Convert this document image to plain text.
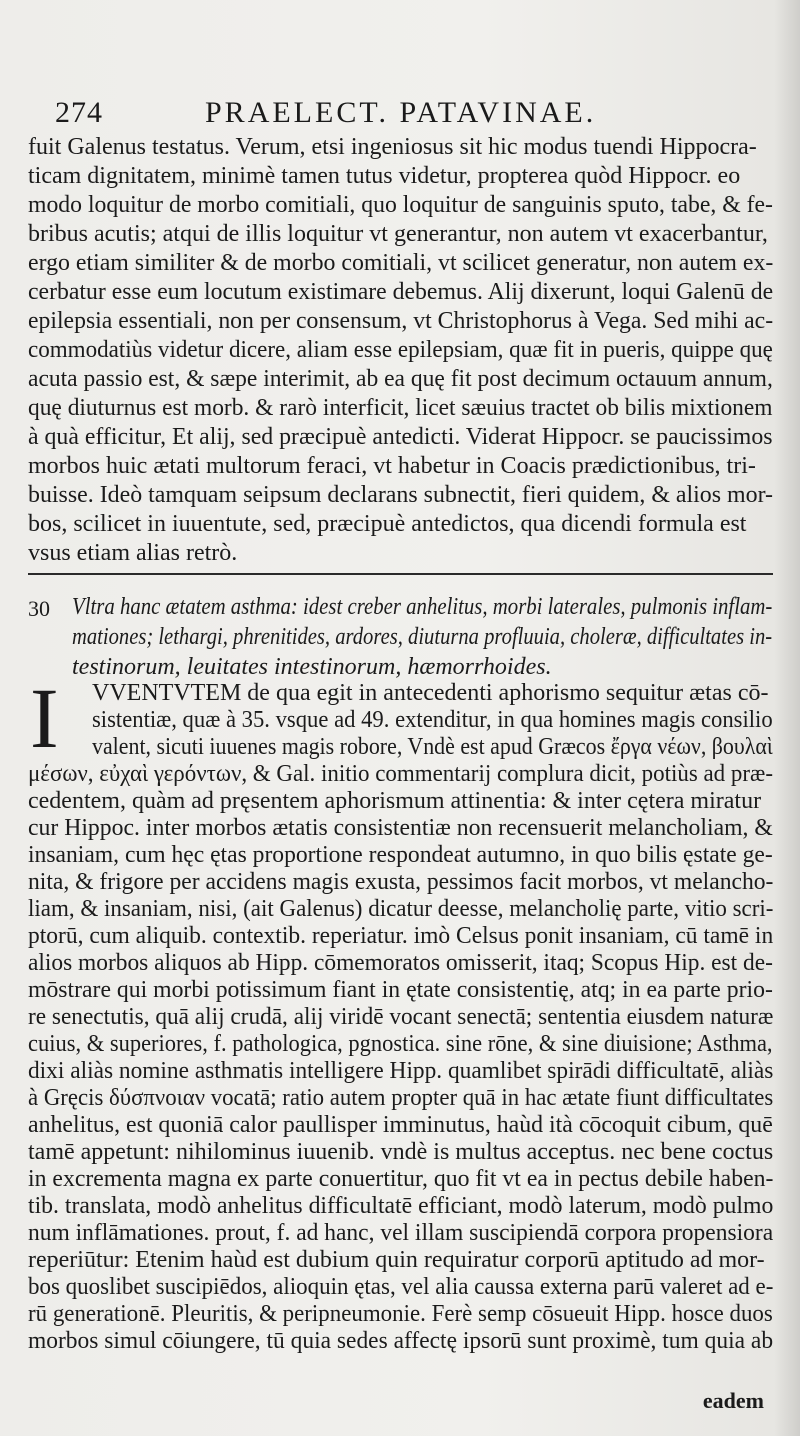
274	PRAELECT. PATAVINAE.
fuit Galenus testatus. Verum, etsi ingeniosus sit hic modus tuendi Hippocra-
ticam dignitatem, minimè tamen tutus videtur, propterea quòd Hippocr. eo
modo loquitur de morbo comitiali, quo loquitur de sanguinis sputo, tabe, & fe-
bribus acutis; atqui de illis loquitur vt generantur, non autem vt exacerbantur,
ergo etiam similiter & de morbo comitiali, vt scilicet generatur, non autem ex-
cerbatur esse eum locutum existimare debemus. Alij dixerunt, loqui Galenū de
epilepsia essentiali, non per consensum, vt Christophorus à Vega. Sed mihi ac-
commodatiùs videtur dicere, aliam esse epilepsiam, quæ fit in pueris, quippe quę
acuta passio est, & sæpe interimit, ab ea quę fit post decimum octauum annum,
quę diuturnus est morb. & rarò interficit, licet sæuius tractet ob bilis mixtionem
à quà efficitur, Et alij, sed præcipuè antedicti. Viderat Hippocr. se paucissimos
morbos huic ætati multorum feraci, vt habetur in Coacis prædictionibus, tri-
buisse. Ideò tamquam seipsum declarans subnectit, fieri quidem, & alios mor-
bos, scilicet in iuuentute, sed, præcipuè antedictos, qua dicendi formula est
vsus etiam alias retrò.
30 Vltra hanc ætatem asthma: idest creber anhelitus, morbi laterales, pulmonis inflam-
mationes; lethargi, phrenitides, ardores, diuturna profluuia, choleræ, difficultates in-
testinorum, leuitates intestinorum, hæmorrhoides.
I VVENTVTEM de qua egit in antecedenti aphorismo sequitur ætas cō-
sistentiæ, quæ à 35. vsque ad 49. extenditur, in qua homines magis consilio
valent, sicuti iuuenes magis robore, Vndè est apud Græcos ἔργα νέων, βουλαὶ
μέσων, εὐχαὶ γερόντων, & Gal. initio commentarij complura dicit, potiùs ad præ-
cedentem, quàm ad pręsentem aphorismum attinentia: & inter cętera miratur
cur Hippoc. inter morbos ætatis consistentiæ non recensuerit melancholiam, &
insaniam, cum hęc ętas proportione respondeat autumno, in quo bilis ęstate ge-
nita, & frigore per accidens magis exusta, pessimos facit morbos, vt melancho-
liam, & insaniam, nisi, (ait Galenus) dicatur deesse, melancholię parte, vitio scri-
ptorū, cum aliquib. contextib. reperiatur. imò Celsus ponit insaniam, cū tamē in
alios morbos aliquos ab Hipp. cōmemoratos omisserit, itaq; Scopus Hip. est de-
mōstrare qui morbi potissimum fiant in ętate consistentię, atq; in ea parte prio-
re senectutis, quā alij crudā, alij viridē vocant senectā; sententia eiusdem naturæ
cuius, & superiores, f. pathologica, pgnostica. sine rōne, & sine diuisione; Asthma,
dixi aliàs nomine asthmatis intelligere Hipp. quamlibet spirādi difficultatē, aliàs
à Gręcis δύσπνοιαν vocatā; ratio autem propter quā in hac ætate fiunt difficultates
anhelitus, est quoniā calor paullisper imminutus, haùd ità cōcoquit cibum, quē
tamē appetunt: nihilominus iuuenib. vndè is multus acceptus. nec bene coctus
in excrementa magna ex parte conuertitur, quo fit vt ea in pectus debile haben-
tib. translata, modò anhelitus difficultatē efficiant, modò laterum, modò pulmo
num inflāmationes. prout, f. ad hanc, vel illam suscipiendā corpora propensiora
reperiūtur: Etenim haùd est dubium quin requiratur corporū aptitudo ad mor-
bos quoslibet suscipiēdos, alioquin ętas, vel alia caussa externa parū valeret ad e-
rū generationē. Pleuritis, & peripneumonie. Ferè semp cōsueuit Hipp. hosce duos
morbos simul cōiungere, tū quia sedes affectę ipsorū sunt proximè, tum quia ab
eadem
